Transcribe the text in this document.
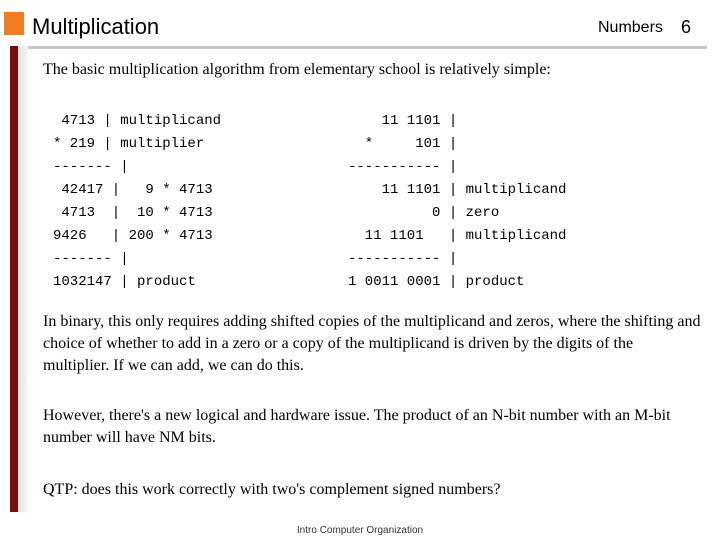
Multiplication	Numbers 6
The basic multiplication algorithm from elementary school is relatively simple:
4713 | multiplicand
* 219 | multiplier
------- |
42417 |   9 * 4713
4713  |  10 * 4713
9426   | 200 * 4713
------- |
1032147 | product
11 1101 |
*     101 |
----------- |
11 1101 | multiplicand
0 | zero
11 1101   | multiplicand
----------- |
1 0011 0001 | product
In binary, this only requires adding shifted copies of the multiplicand and zeros, where the shifting and choice of whether to add in a zero or a copy of the multiplicand is driven by the digits of the multiplier. If we can add, we can do this.
However, there's a new logical and hardware issue. The product of an N-bit number with an M-bit number will have NM bits.
QTP: does this work correctly with two's complement signed numbers?
Intro Computer Organization
